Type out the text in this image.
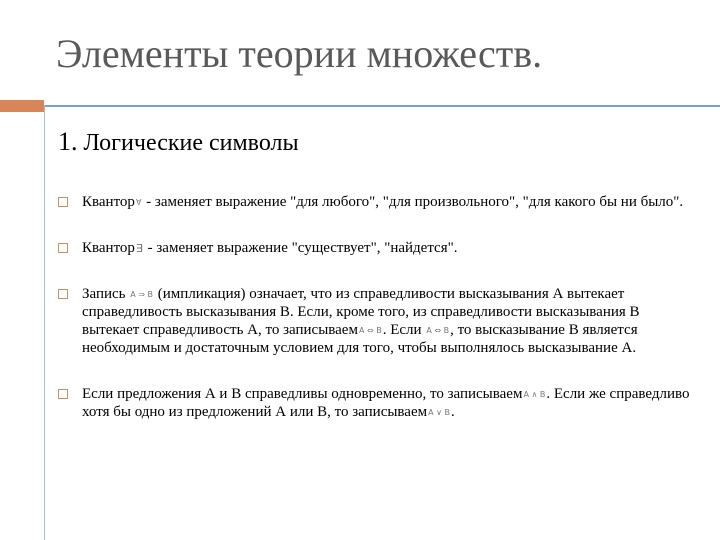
Элементы теории множеств.
1. Логические символы
Квантор∀ - заменяет выражение "для любого", "для произвольного", "для какого бы ни было".
Квантор∃ - заменяет выражение "существует", "найдется".
Запись A ⇒ B (импликация) означает, что из справедливости высказывания А вытекает справедливость высказывания В. Если, кроме того, из справедливости высказывания В вытекает справедливость А, то записываемA ⇔ B. Если A ⇔ B, то высказывание В является необходимым и достаточным условием для того, чтобы выполнялось высказывание А.
Если предложения А и В справедливы одновременно, то записываемA ∧ B. Если же справедливо хотя бы одно из предложений А или В, то записываемA ∨ B.
